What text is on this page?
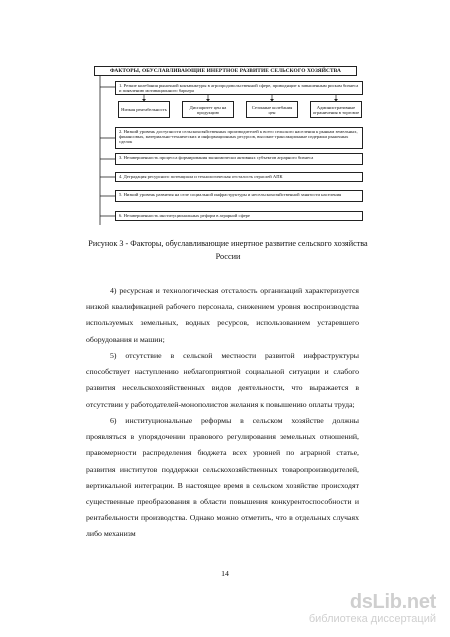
ФАКТОРЫ, ОБУСЛАВЛИВАЮЩИЕ ИНЕРТНОЕ РАЗВИТИЕ СЕЛЬСКОГО ХОЗЯЙСТВА
1. Резкие колебания рыночной конъюнктуры в агропродовольственной сфере, приводящие к завышенным рискам бизнеса и появлению мотивационного барьера
Низкая рентабельность	Диспаритет цен на продукцию
Сезонные колебания цен
Административные ограничения в торговле
2. Низкий уровень доступности сельскохозяйственных производителей к всего сельского населения к рынкам земельных, финансовых, материально-технических и информационных ресурсов, высокие трансакционные издержки рыночных сделок
3. Незавершенность процесса формирования экономически активных субъектов аграрного бизнеса
4. Деградация ресурсного потенциала и технологическая отсталость отраслей АПК
5. Низкий уровень развития на селе социальной инфраструктуры и несельскохозяйственной занятости населения
6. Незавершенность институциональных реформ в аграрной сфере
Рисунок 3 - Факторы, обуславливающие инертное развитие сельского хозяйства
России

4) ресурсная и технологическая отсталость организаций характеризуется низкой квалификацией рабочего персонала, снижением уровня воспроизводства используемых земельных, водных ресурсов, использованием устаревшего оборудования и машин;

5) отсутствие в сельской местности развитой инфраструктуры способствует наступлению неблагоприятной социальной ситуации и слабого развития несельскохозяйственных видов деятельности, что выражается в отсутствии у работодателей-монополистов желания к повышению оплаты труда;

6) институциональные реформы в сельском хозяйстве должны проявляться в упорядочении правового регулирования земельных отношений, правомерности распределения бюджета всех уровней по аграрной статье, развития институтов поддержки сельскохозяйственных товаропроизводителей, вертикальной интеграции. В настоящее время в сельском хозяйстве происходят существенные преобразования в области повышения конкурентоспособности и рентабельности производства. Однако можно отметить, что в отдельных случаях либо механизм

14
dsLib.net
библиотека диссертаций
